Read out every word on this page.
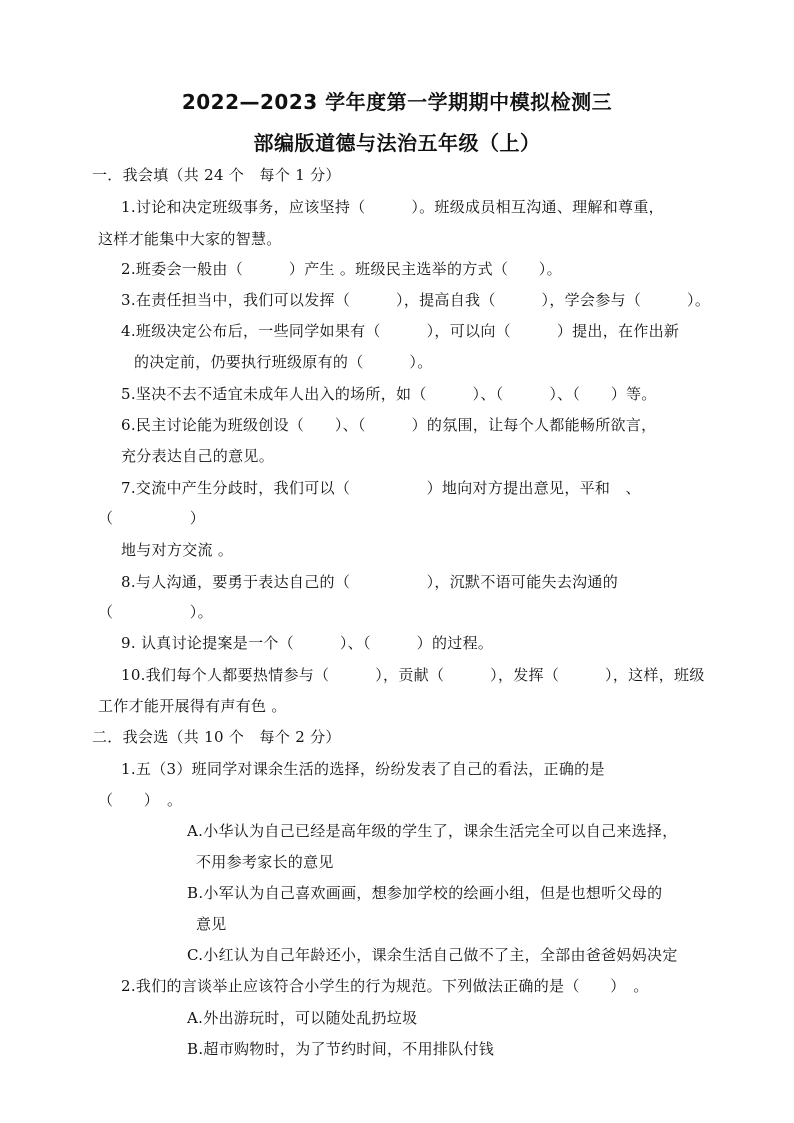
2022—2023 学年度第一学期期中模拟检测三
部编版道德与法治五年级（上）
一．我会填（共 24 个　每个 1 分）
1.讨论和决定班级事务，应该坚持（　　　）。班级成员相互沟通、理解和尊重，
这样才能集中大家的智慧。
2.班委会一般由（　　　）产生 。班级民主选举的方式（　　）。
3.在责任担当中，我们可以发挥（　　　），提高自我（　　　），学会参与（　　　）。
4.班级决定公布后，一些同学如果有（　　　），可以向（　　　）提出，在作出新
的决定前，仍要执行班级原有的（　　　）。
5.坚决不去不适宜未成年人出入的场所，如（　　　）、（　　　）、（　　）等。
6.民主讨论能为班级创设（　　）、（　　　）的氛围，让每个人都能畅所欲言，
充分表达自己的意见。
7.交流中产生分歧时，我们可以（　　　　　）地向对方提出意见，平和　、
（　　　　　）
地与对方交流 。
8.与人沟通，要勇于表达自己的（　　　　　），沉默不语可能失去沟通的
（　　　　　）。
9. 认真讨论提案是一个（　　　）、（　　　）的过程。
10.我们每个人都要热情参与（　　　），贡献（　　　），发挥（　　　），这样，班级
工作才能开展得有声有色 。
二．我会选（共 10 个　每个 2 分）
1.五（3）班同学对课余生活的选择，纷纷发表了自己的看法，正确的是
（　　）　。
A.小华认为自己已经是高年级的学生了，课余生活完全可以自己来选择，
不用参考家长的意见
B.小军认为自己喜欢画画，想参加学校的绘画小组，但是也想听父母的
意见
C.小红认为自己年龄还小，课余生活自己做不了主，全部由爸爸妈妈决定
2.我们的言谈举止应该符合小学生的行为规范。下列做法正确的是（　　）　。
A.外出游玩时，可以随处乱扔垃圾
B.超市购物时，为了节约时间，不用排队付钱
